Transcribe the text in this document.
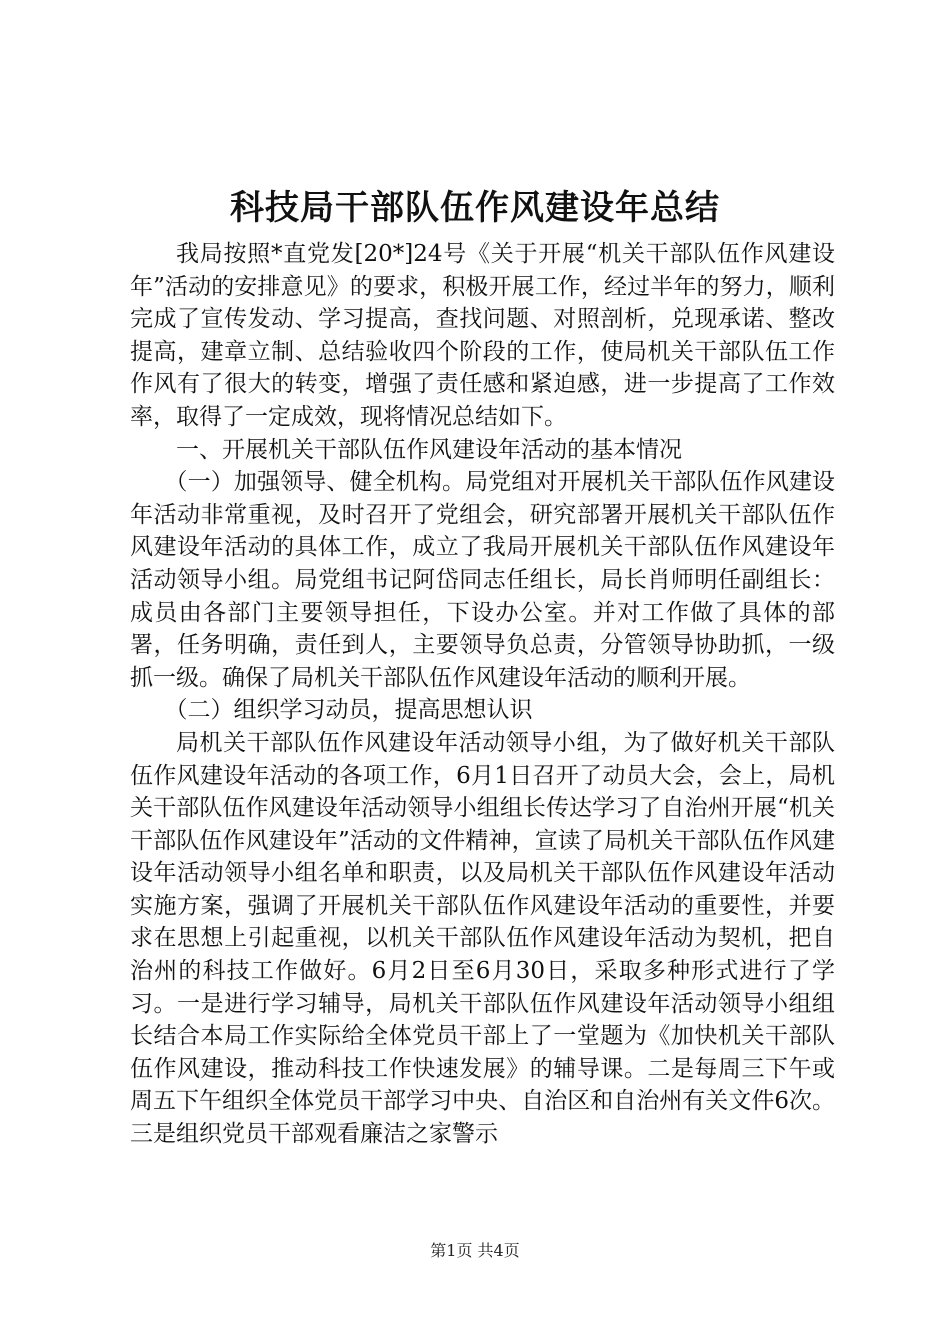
科技局干部队伍作风建设年总结

我局按照*直党发[20*]24号《关于开展“机关干部队伍作风建设年”活动的安排意见》的要求，积极开展工作，经过半年的努力，顺利完成了宣传发动、学习提高，查找问题、对照剖析，兑现承诺、整改提高，建章立制、总结验收四个阶段的工作，使局机关干部队伍工作作风有了很大的转变，增强了责任感和紧迫感，进一步提高了工作效率，取得了一定成效，现将情况总结如下。

一、开展机关干部队伍作风建设年活动的基本情况

（一）加强领导、健全机构。局党组对开展机关干部队伍作风建设年活动非常重视，及时召开了党组会，研究部署开展机关干部队伍作风建设年活动的具体工作，成立了我局开展机关干部队伍作风建设年活动领导小组。局党组书记阿岱同志任组长，局长肖师明任副组长：成员由各部门主要领导担任，下设办公室。并对工作做了具体的部署，任务明确，责任到人，主要领导负总责，分管领导协助抓，一级抓一级。确保了局机关干部队伍作风建设年活动的顺利开展。

（二）组织学习动员，提高思想认识

局机关干部队伍作风建设年活动领导小组，为了做好机关干部队伍作风建设年活动的各项工作，6月1日召开了动员大会，会上，局机关干部队伍作风建设年活动领导小组组长传达学习了自治州开展“机关干部队伍作风建设年”活动的文件精神，宣读了局机关干部队伍作风建设年活动领导小组名单和职责，以及局机关干部队伍作风建设年活动实施方案，强调了开展机关干部队伍作风建设年活动的重要性，并要求在思想上引起重视，以机关干部队伍作风建设年活动为契机，把自治州的科技工作做好。6月2日至6月30日，采取多种形式进行了学习。一是进行学习辅导，局机关干部队伍作风建设年活动领导小组组长结合本局工作实际给全体党员干部上了一堂题为《加快机关干部队伍作风建设，推动科技工作快速发展》的辅导课。二是每周三下午或周五下午组织全体党员干部学习中央、自治区和自治州有关文件6次。三是组织党员干部观看廉洁之家警示

第1页 共4页
